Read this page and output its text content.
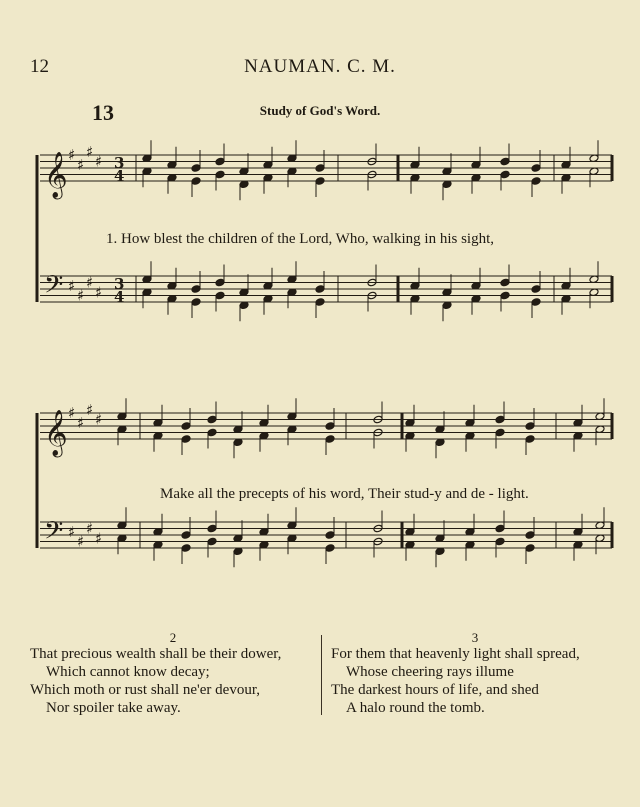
12	NAUMAN. C. M.
13	Study of God's Word.
𝄞 ♯
♯
♯
♯ 3
4
𝄢 ♯
♯
♯
♯ 3
4
𝄞 ♯
♯
♯
♯
𝄢 ♯
♯
♯
♯
1. How blest the children of the Lord, Who, walking in his sight,
Make all the precepts of his word, Their stud-y and de - light.
2
That precious wealth shall be their dower,
Which cannot know decay;
Which moth or rust shall ne'er devour,
Nor spoiler take away.
3
For them that heavenly light shall spread,
Whose cheering rays illume
The darkest hours of life, and shed
A halo round the tomb.
